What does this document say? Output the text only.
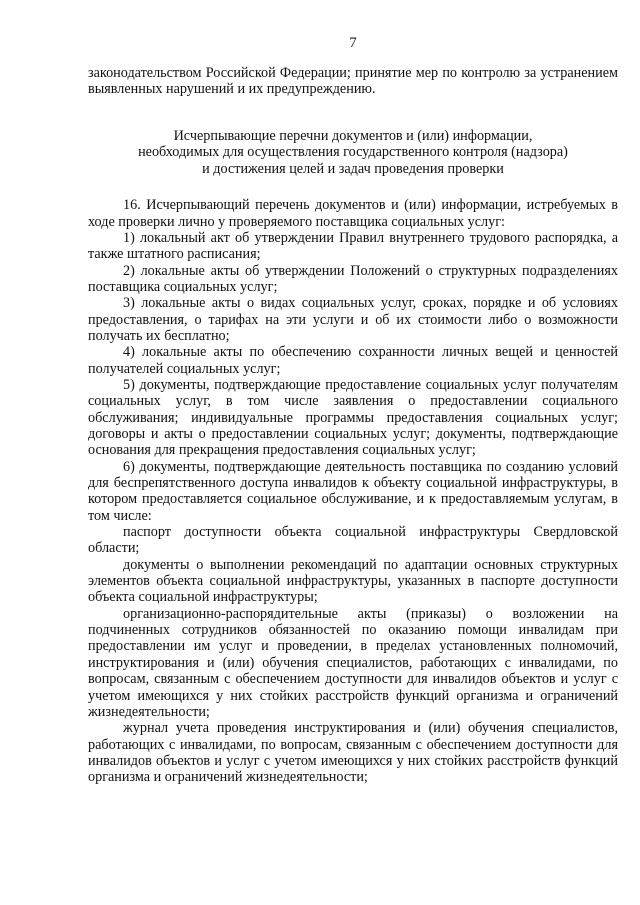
7

законодательством Российской Федерации; принятие мер по контролю за устранением выявленных нарушений и их предупреждению.

Исчерпывающие перечни документов и (или) информации,
необходимых для осуществления государственного контроля (надзора)
и достижения целей и задач проведения проверки

16. Исчерпывающий перечень документов и (или) информации, истребуемых в ходе проверки лично у проверяемого поставщика социальных услуг:

1) локальный акт об утверждении Правил внутреннего трудового распорядка, а также штатного расписания;

2) локальные акты об утверждении Положений о структурных подразделениях поставщика социальных услуг;

3) локальные акты о видах социальных услуг, сроках, порядке и об условиях предоставления, о тарифах на эти услуги и об их стоимости либо о возможности получать их бесплатно;

4) локальные акты по обеспечению сохранности личных вещей и ценностей получателей социальных услуг;

5) документы, подтверждающие предоставление социальных услуг получателям социальных услуг, в том числе заявления о предоставлении социального обслуживания; индивидуальные программы предоставления социальных услуг; договоры и акты о предоставлении социальных услуг; документы, подтверждающие основания для прекращения предоставления социальных услуг;

6) документы, подтверждающие деятельность поставщика по созданию условий для беспрепятственного доступа инвалидов к объекту социальной инфраструктуры, в котором предоставляется социальное обслуживание, и к предоставляемым услугам, в том числе:

паспорт доступности объекта социальной инфраструктуры Свердловской области;

документы о выполнении рекомендаций по адаптации основных структурных элементов объекта социальной инфраструктуры, указанных в паспорте доступности объекта социальной инфраструктуры;

организационно-распорядительные акты (приказы) о возложении на подчиненных сотрудников обязанностей по оказанию помощи инвалидам при предоставлении им услуг и проведении, в пределах установленных полномочий, инструктирования и (или) обучения специалистов, работающих с инвалидами, по вопросам, связанным с обеспечением доступности для инвалидов объектов и услуг с учетом имеющихся у них стойких расстройств функций организма и ограничений жизнедеятельности;

журнал учета проведения инструктирования и (или) обучения специалистов, работающих с инвалидами, по вопросам, связанным с обеспечением доступности для инвалидов объектов и услуг с учетом имеющихся у них стойких расстройств функций организма и ограничений жизнедеятельности;
